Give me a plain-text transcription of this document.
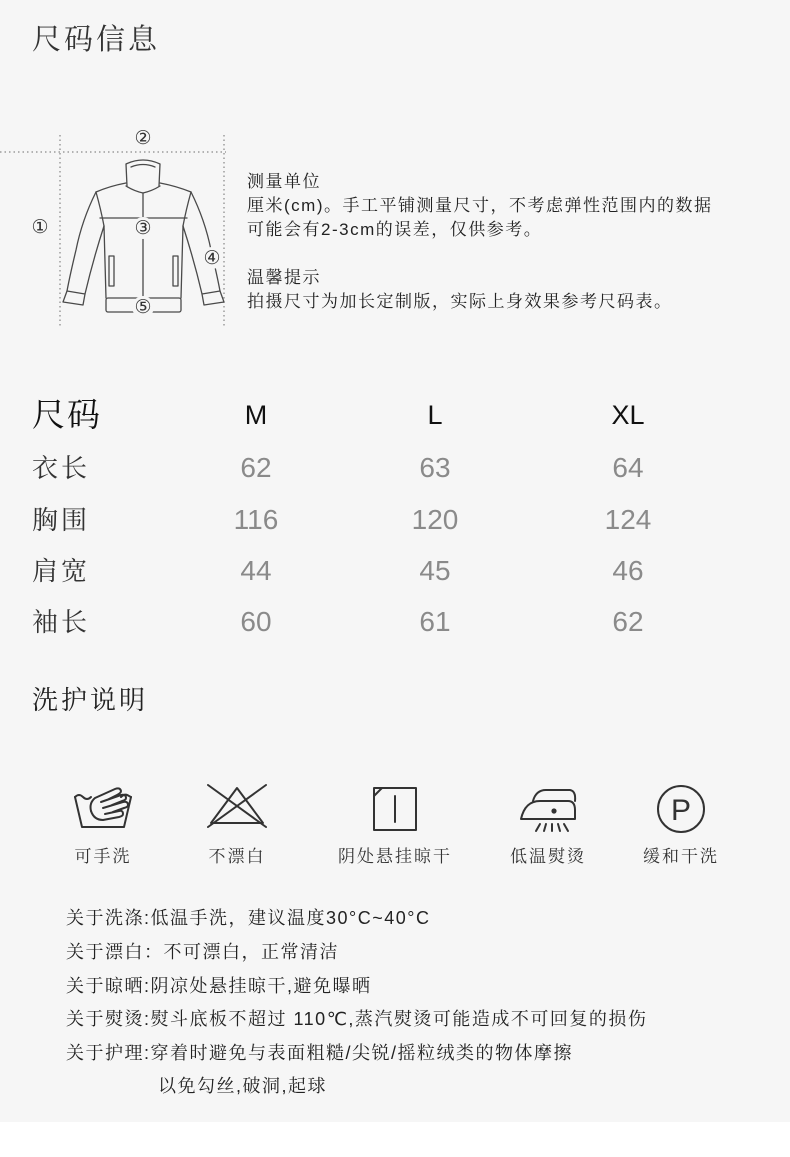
尺码信息
①
②
③
④
⑤
测量单位
厘米(cm)。手工平铺测量尺寸，不考虑弹性范围内的数据
可能会有2-3cm的误差，仅供参考。
温馨提示
拍摄尺寸为加长定制版，实际上身效果参考尺码表。
尺码	M	L	XL
衣长	62	63	64
胸围	116	120	124
肩宽	44	45	46
袖长	60	61	62
洗护说明
可手洗	不漂白	阴处悬挂晾干	低温熨烫
P
缓和干洗
关于洗涤:低温手洗，建议温度30°C~40°C
关于漂白：不可漂白，正常清洁
关于晾晒:阴凉处悬挂晾干,避免曝晒
关于熨烫:熨斗底板不超过 110℃,蒸汽熨烫可能造成不可回复的损伤
关于护理:穿着时避免与表面粗糙/尖锐/摇粒绒类的物体摩擦
以免勾丝,破洞,起球
